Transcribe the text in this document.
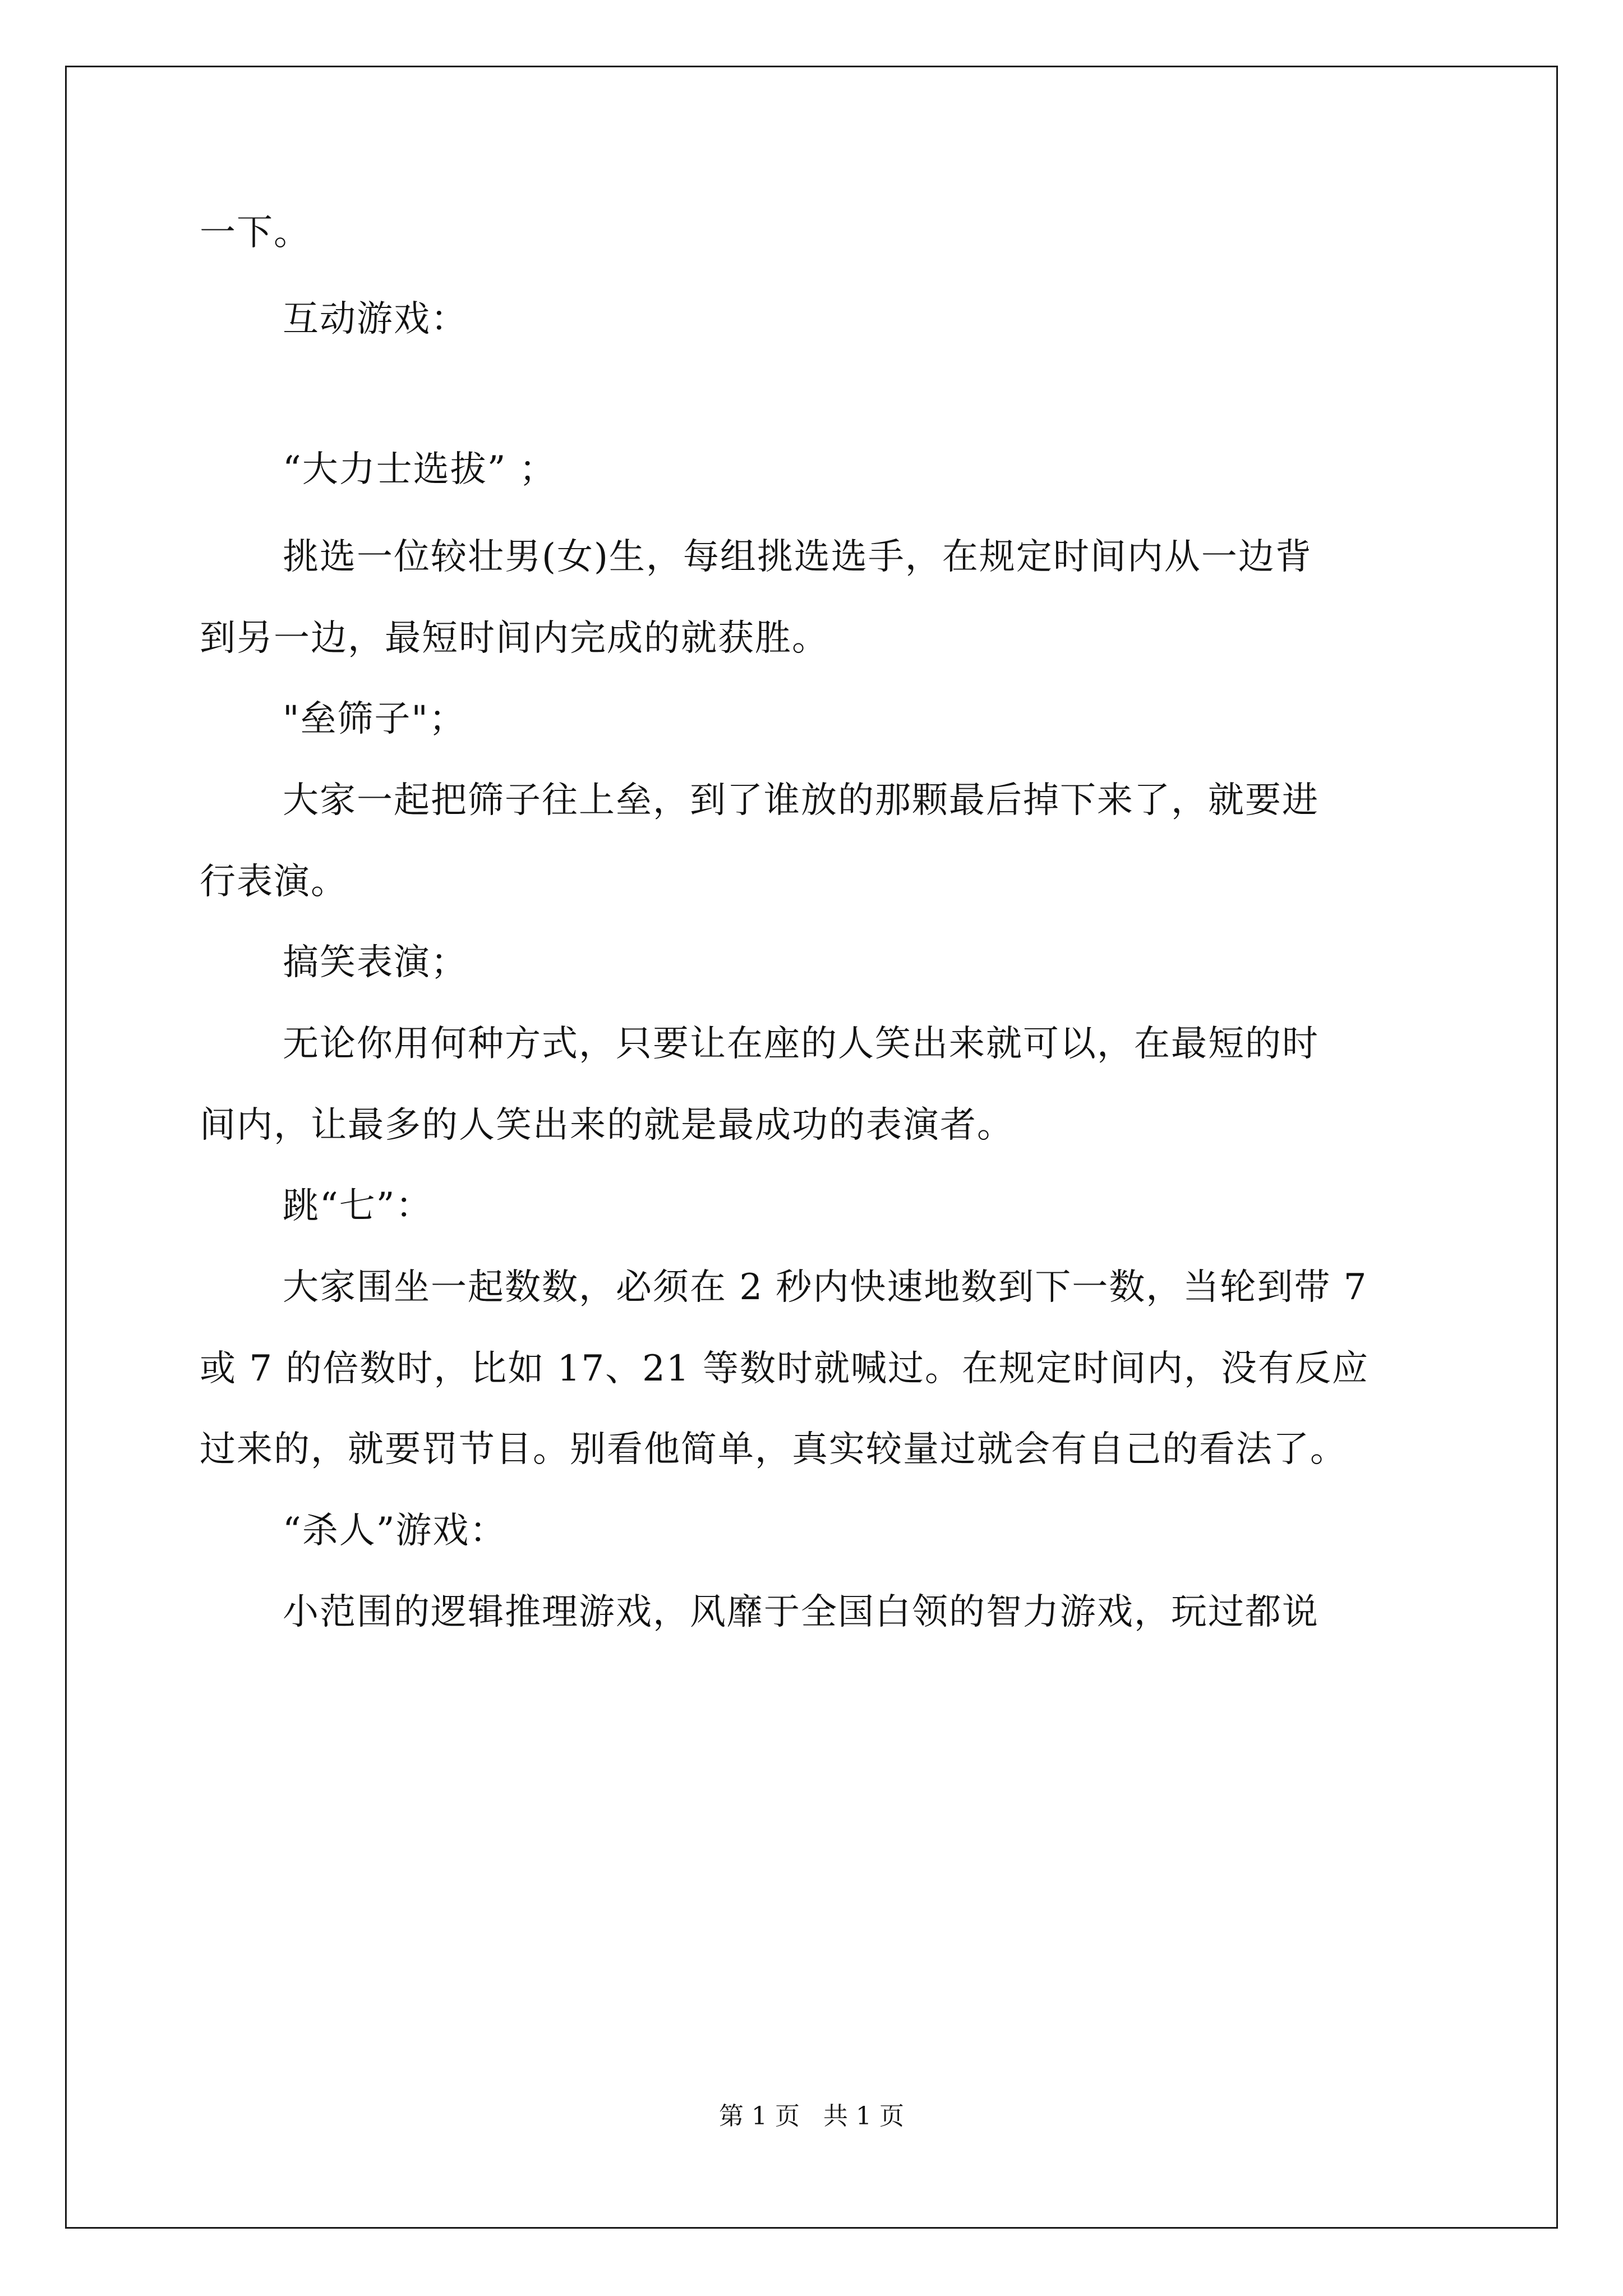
一下。
互动游戏：
“大力士选拔” ；
挑选一位较壮男(女)生，每组挑选选手，在规定时间内从一边背
到另一边，最短时间内完成的就获胜。
"垒筛子"；
大家一起把筛子往上垒，到了谁放的那颗最后掉下来了，就要进
行表演。
搞笑表演；
无论你用何种方式，只要让在座的人笑出来就可以，在最短的时
间内，让最多的人笑出来的就是最成功的表演者。
跳“七”：
大家围坐一起数数，必须在 2 秒内快速地数到下一数，当轮到带 7
或 7 的倍数时，比如 17、21 等数时就喊过。在规定时间内，没有反应
过来的，就要罚节目。别看他简单，真实较量过就会有自己的看法了。
“杀人”游戏：
小范围的逻辑推理游戏，风靡于全国白领的智力游戏，玩过都说
第 1 页   共 1 页
